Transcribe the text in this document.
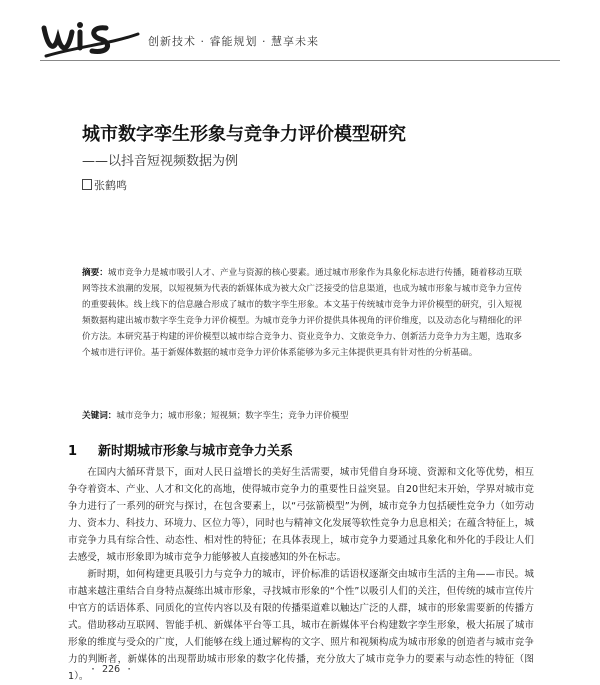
创新技术 · 睿能规划 · 慧享未来
城市数字孪生形象与竞争力评价模型研究
——以抖音短视频数据为例
张鹤鸣
摘要：城市竞争力是城市吸引人才、产业与资源的核心要素。通过城市形象作为具象化标志进行传播，随着移动互联网等技术浪潮的发展，以短视频为代表的新媒体成为被大众广泛接受的信息渠道，也成为城市形象与城市竞争力宣传的重要载体。线上线下的信息融合形成了城市的数字孪生形象。本文基于传统城市竞争力评价模型的研究，引入短视频数据构建出城市数字孪生竞争力评价模型。为城市竞争力评价提供具体视角的评价维度，以及动态化与精细化的评价方法。本研究基于构建的评价模型以城市综合竞争力、资业竞争力、文旅竞争力、创新活力竞争力为主题，选取多个城市进行评价。基于新媒体数据的城市竞争力评价体系能够为多元主体提供更具有针对性的分析基础。
关键词：城市竞争力；城市形象；短视频；数字孪生；竞争力评价模型
1 新时期城市形象与城市竞争力关系

在国内大循环背景下，面对人民日益增长的美好生活需要，城市凭借自身环境、资源和文化等优势，相互争夺着资本、产业、人才和文化的高地，使得城市竞争力的重要性日益突显。自20世纪末开始，学界对城市竞争力进行了一系列的研究与探讨，在包含要素上，以“弓弦箭模型”为例，城市竞争力包括硬性竞争力（如劳动力、资本力、科技力、环境力、区位力等），同时也与精神文化发展等软性竞争力息息相关；在蕴含特征上，城市竞争力具有综合性、动态性、相对性的特征；在具体表现上，城市竞争力要通过具象化和外化的手段让人们去感受，城市形象即为城市竞争力能够被人直接感知的外在标志。

新时期，如何构建更具吸引力与竞争力的城市，评价标准的话语权逐渐交由城市生活的主角——市民。城市越来越注重结合自身特点凝练出城市形象，寻找城市形象的“个性”以吸引人们的关注，但传统的城市宣传片中官方的话语体系、同质化的宣传内容以及有限的传播渠道难以触达广泛的人群，城市的形象需要新的传播方式。借助移动互联网、智能手机、新媒体平台等工具，城市在新媒体平台构建数字孪生形象，极大拓展了城市形象的维度与受众的广度，人们能够在线上通过解构的文字、照片和视频构成为城市形象的创造者与城市竞争力的判断者，新媒体的出现帮助城市形象的数字化传播，充分放大了城市竞争力的要素与动态性的特征（图1）。

· 226 ·
